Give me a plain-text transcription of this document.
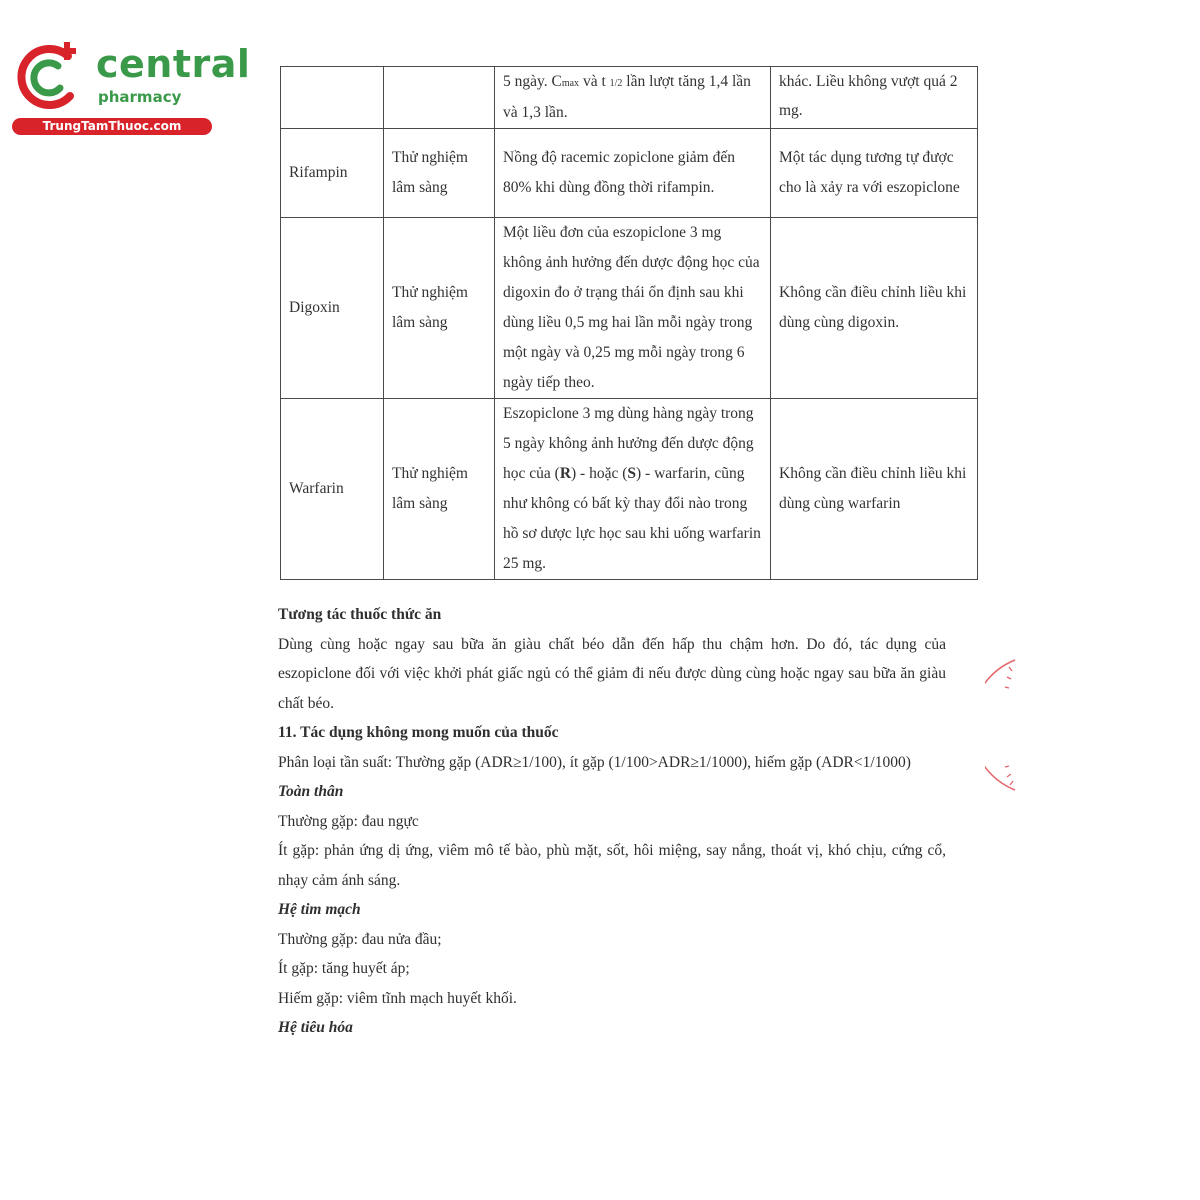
central
pharmacy
TrungTamThuoc.com
		5 ngày. Cmax và t 1/2 lần lượt tăng 1,4 lần và 1,3 lần.	khác. Liều không vượt quá 2 mg.
Rifampin	Thử nghiệm lâm sàng	Nồng độ racemic zopiclone giảm đến 80% khi dùng đồng thời rifampin.	Một tác dụng tương tự được cho là xảy ra với eszopiclone
Digoxin	Thử nghiệm lâm sàng	Một liều đơn của eszopiclone 3 mg không ảnh hưởng đến dược động học của digoxin đo ở trạng thái ổn định sau khi dùng liều 0,5 mg hai lần mỗi ngày trong một ngày và 0,25 mg mỗi ngày trong 6 ngày tiếp theo.	Không cần điều chỉnh liều khi dùng cùng digoxin.
Warfarin	Thử nghiệm lâm sàng	Eszopiclone 3 mg dùng hàng ngày trong 5 ngày không ảnh hưởng đến dược động học của (R) - hoặc (S) - warfarin, cũng như không có bất kỳ thay đổi nào trong hồ sơ dược lực học sau khi uống warfarin 25 mg.	Không cần điều chỉnh liều khi dùng cùng warfarin

Tương tác thuốc thức ăn

Dùng cùng hoặc ngay sau bữa ăn giàu chất béo dẫn đến hấp thu chậm hơn. Do đó, tác dụng của eszopiclone đối với việc khởi phát giấc ngủ có thể giảm đi nếu được dùng cùng hoặc ngay sau bữa ăn giàu chất béo.

11. Tác dụng không mong muốn của thuốc

Phân loại tần suất: Thường gặp (ADR≥1/100), ít gặp (1/100>ADR≥1/1000), hiếm gặp (ADR<1/1000)

Toàn thân

Thường gặp: đau ngực

Ít gặp: phản ứng dị ứng, viêm mô tế bào, phù mặt, sốt, hôi miệng, say nắng, thoát vị, khó chịu, cứng cổ, nhạy cảm ánh sáng.

Hệ tim mạch

Thường gặp: đau nửa đầu;

Ít gặp: tăng huyết áp;

Hiếm gặp: viêm tĩnh mạch huyết khối.

Hệ tiêu hóa
